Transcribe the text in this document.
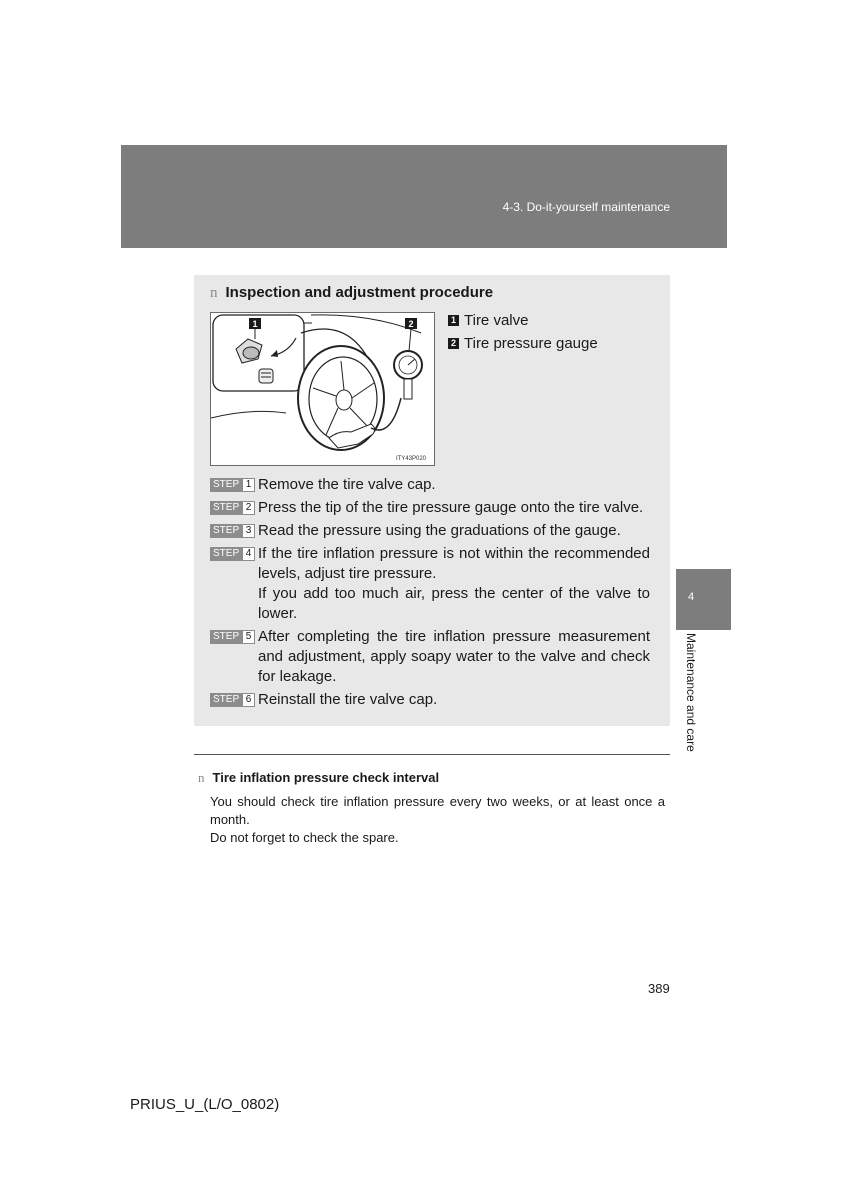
4-3. Do-it-yourself maintenance
n Inspection and adjustment procedure
1	2
ITY43P020
1 Tire valve
2 Tire pressure gauge
STEP 1 Remove the tire valve cap.
STEP 2 Press the tip of the tire pressure gauge onto the tire valve.
STEP 3 Read the pressure using the graduations of the gauge.
STEP 4 If the tire inflation pressure is not within the recommended levels, adjust tire pressure.
If you add too much air, press the center of the valve to lower.
STEP 5 After completing the tire inflation pressure measurement and adjustment, apply soapy water to the valve and check for leakage.
STEP 6 Reinstall the tire valve cap.
n Tire inflation pressure check interval
You should check tire inflation pressure every two weeks, or at least once a month.
Do not forget to check the spare.
4
Maintenance and care
389
PRIUS_U_(L/O_0802)
